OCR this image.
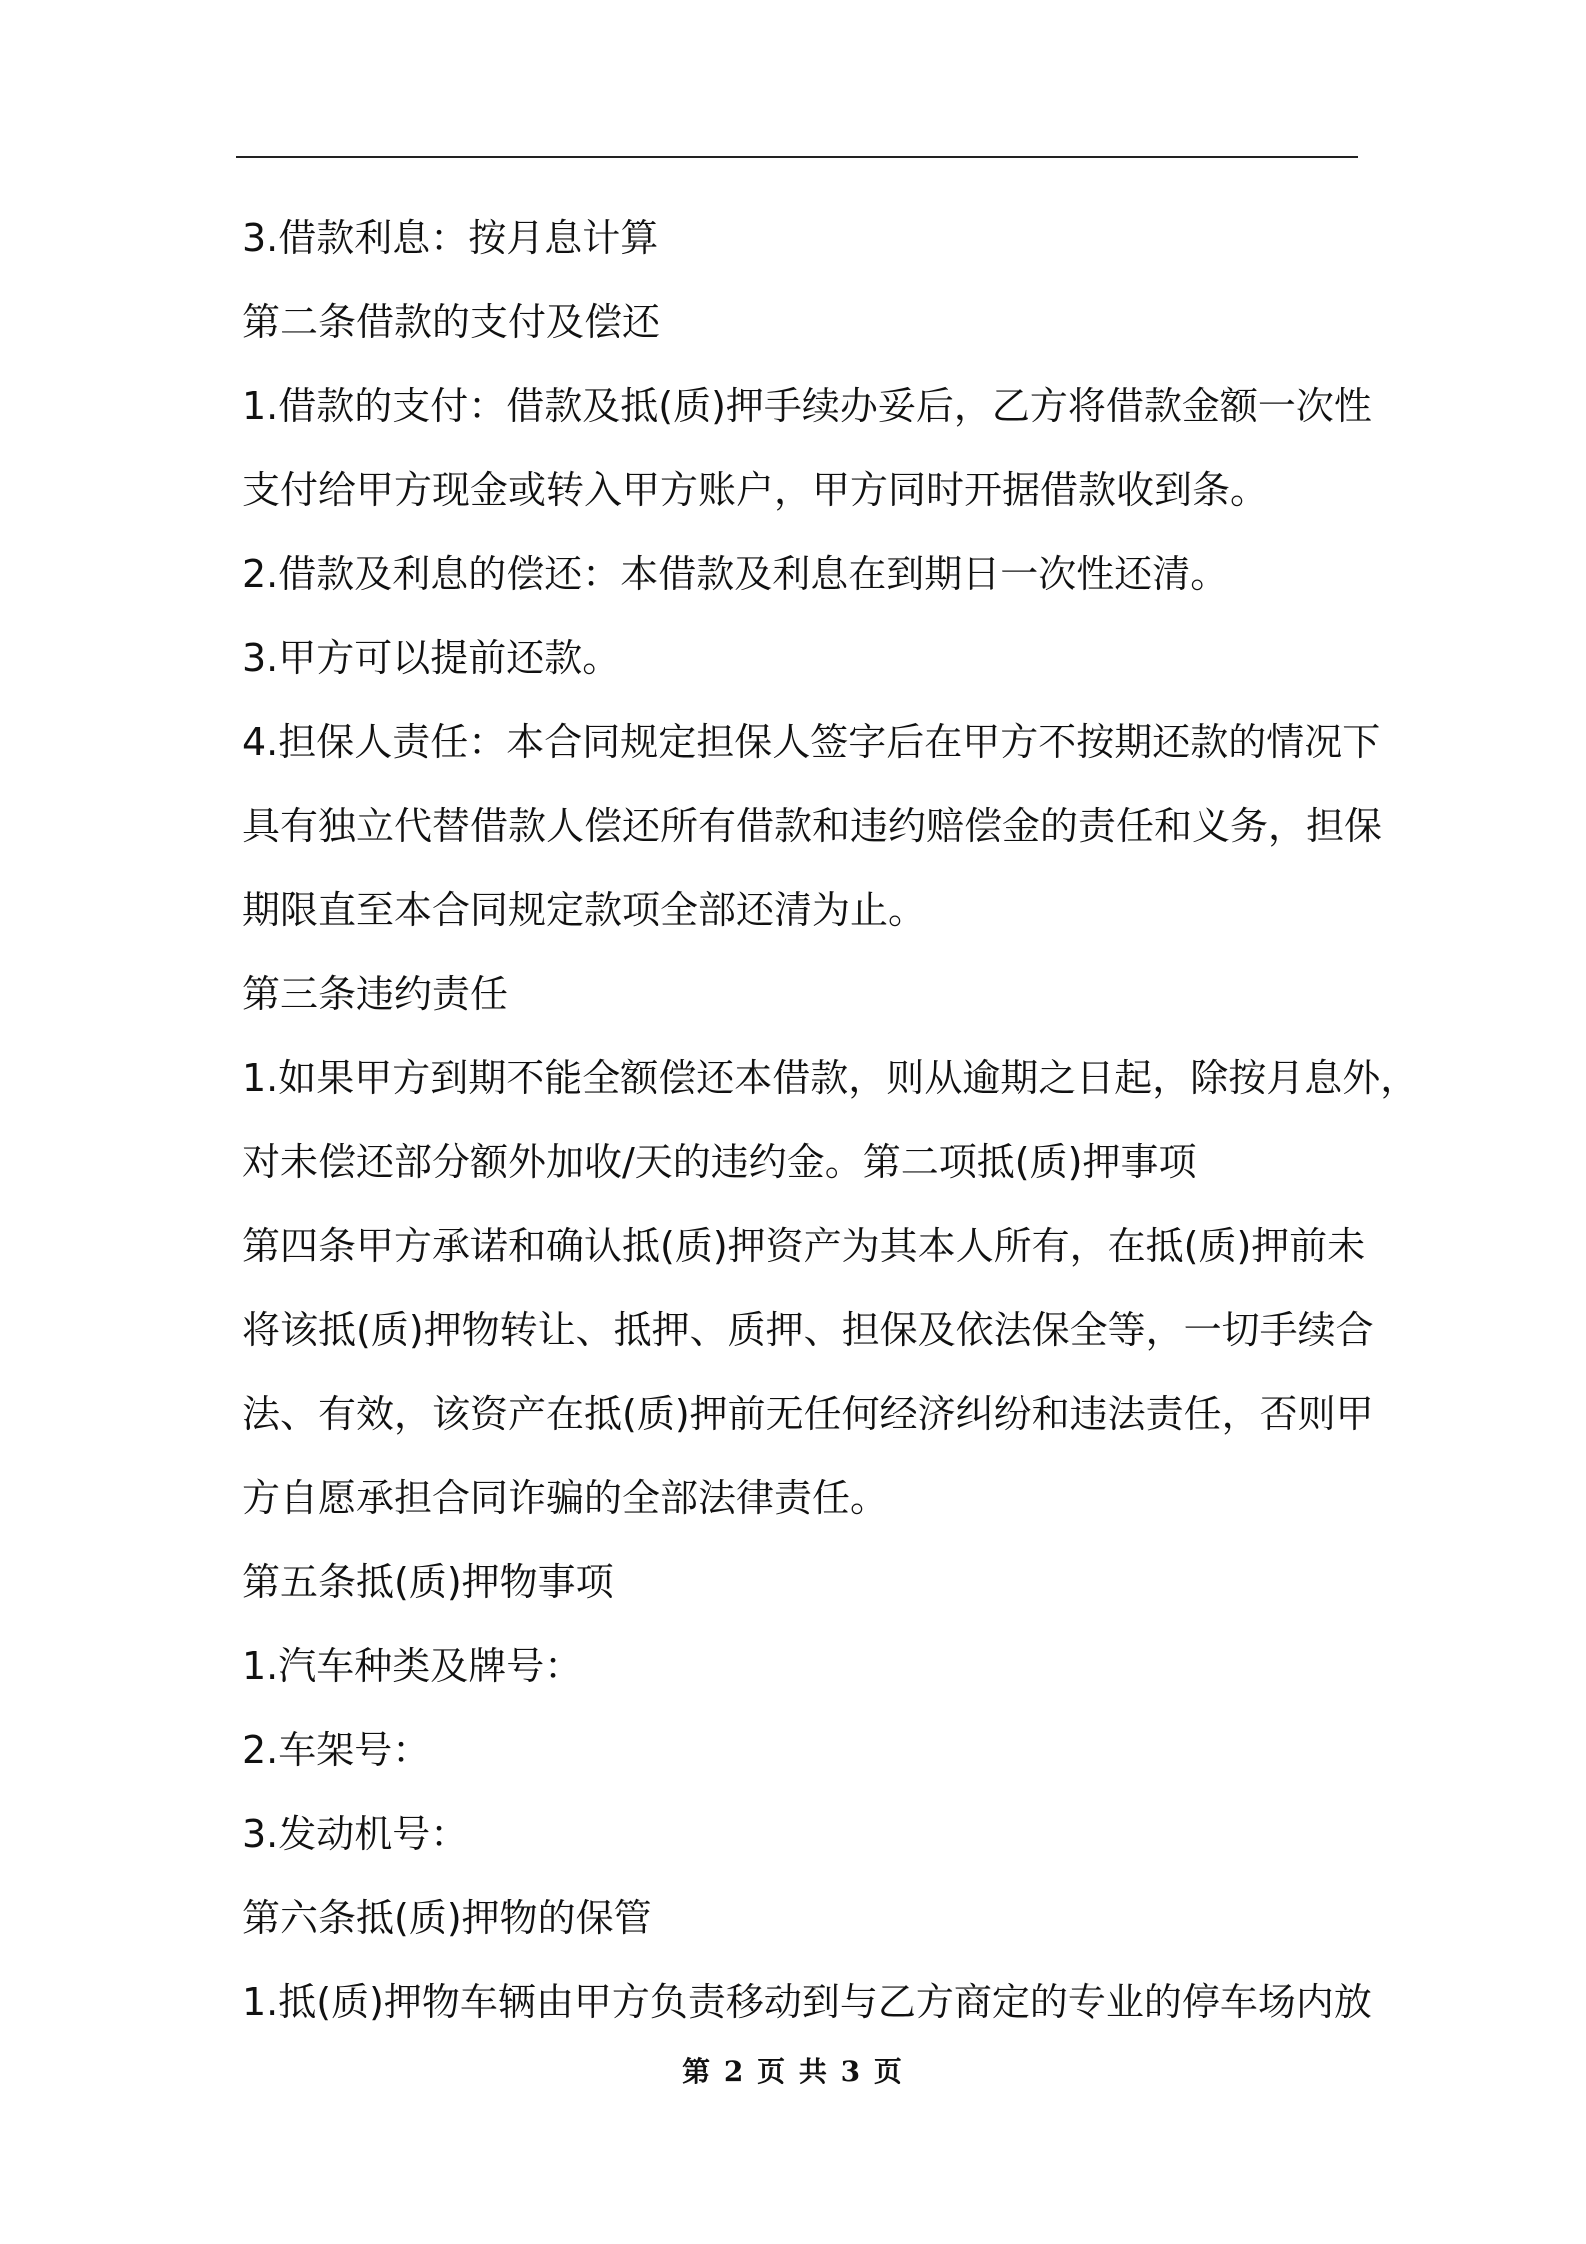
3.借款利息：按月息计算
第二条借款的支付及偿还
1.借款的支付：借款及抵(质)押手续办妥后，乙方将借款金额一次性
支付给甲方现金或转入甲方账户，甲方同时开据借款收到条。
2.借款及利息的偿还：本借款及利息在到期日一次性还清。
3.甲方可以提前还款。
4.担保人责任：本合同规定担保人签字后在甲方不按期还款的情况下
具有独立代替借款人偿还所有借款和违约赔偿金的责任和义务，担保
期限直至本合同规定款项全部还清为止。
第三条违约责任
1.如果甲方到期不能全额偿还本借款，则从逾期之日起，除按月息外，
对未偿还部分额外加收/天的违约金。第二项抵(质)押事项
第四条甲方承诺和确认抵(质)押资产为其本人所有，在抵(质)押前未
将该抵(质)押物转让、抵押、质押、担保及依法保全等，一切手续合
法、有效，该资产在抵(质)押前无任何经济纠纷和违法责任，否则甲
方自愿承担合同诈骗的全部法律责任。
第五条抵(质)押物事项
1.汽车种类及牌号：
2.车架号：
3.发动机号：
第六条抵(质)押物的保管
1.抵(质)押物车辆由甲方负责移动到与乙方商定的专业的停车场内放
第 2 页 共 3 页
